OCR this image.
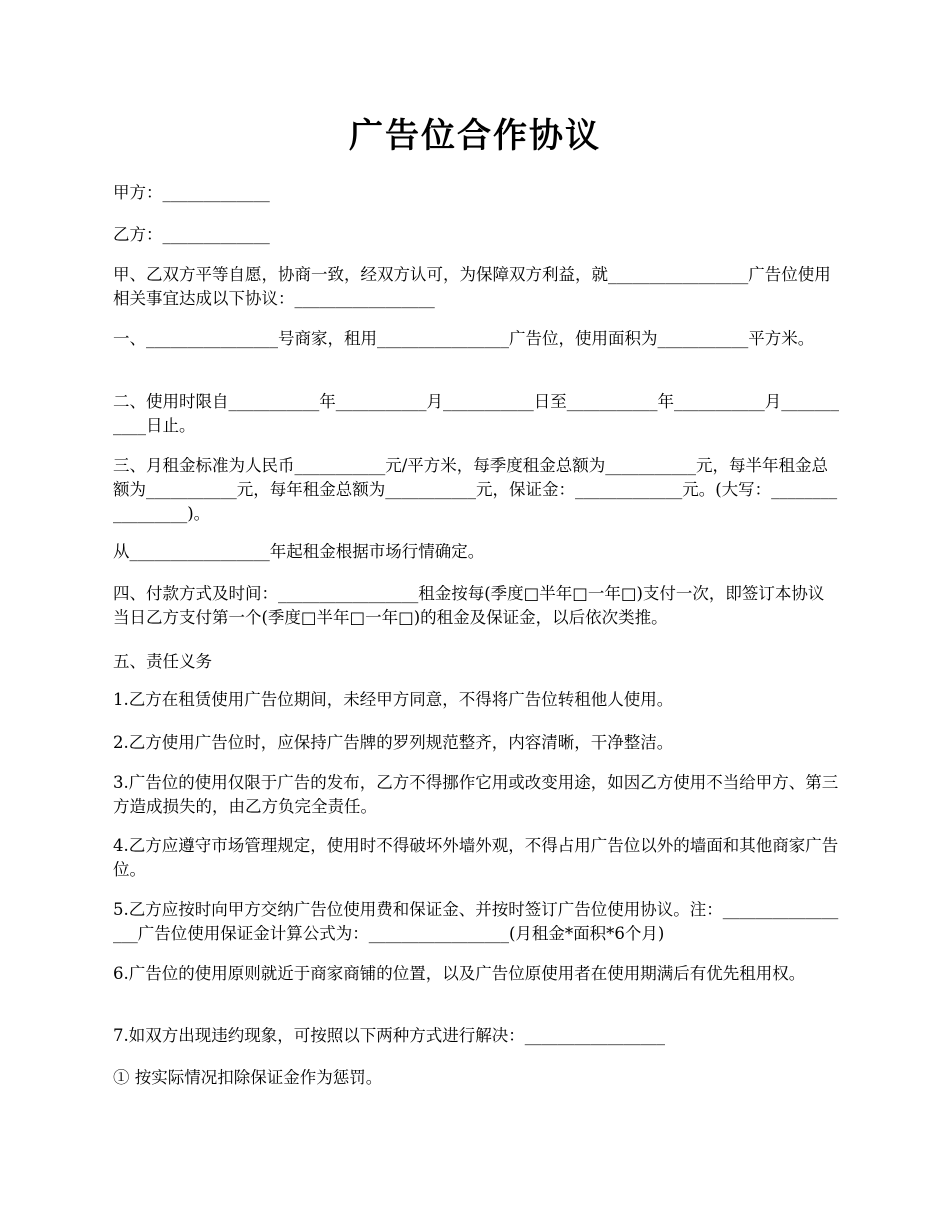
广告位合作协议

甲方：_____________

乙方：_____________

甲、乙双方平等自愿，协商一致，经双方认可，为保障双方利益，就_________________广告位使用相关事宜达成以下协议：_________________

一、________________号商家，租用________________广告位，使用面积为___________平方米。

二、使用时限自___________年___________月___________日至___________年___________月___________日止。

三、月租金标准为人民币___________元/平方米，每季度租金总额为___________元，每半年租金总额为___________元，每年租金总额为___________元，保证金：_____________元。(大写：_________________)。

从_________________年起租金根据市场行情确定。

四、付款方式及时间：_________________租金按每(季度□半年□一年□)支付一次，即签订本协议当日乙方支付第一个(季度□半年□一年□)的租金及保证金，以后依次类推。

五、责任义务

1.乙方在租赁使用广告位期间，未经甲方同意，不得将广告位转租他人使用。

2.乙方使用广告位时，应保持广告牌的罗列规范整齐，内容清晰，干净整洁。

3.广告位的使用仅限于广告的发布，乙方不得挪作它用或改变用途，如因乙方使用不当给甲方、第三方造成损失的，由乙方负完全责任。

4.乙方应遵守市场管理规定，使用时不得破坏外墙外观，不得占用广告位以外的墙面和其他商家广告位。

5.乙方应按时向甲方交纳广告位使用费和保证金、并按时签订广告位使用协议。注：_________________广告位使用保证金计算公式为：_________________(月租金*面积*6个月)

6.广告位的使用原则就近于商家商铺的位置，以及广告位原使用者在使用期满后有优先租用权。

7.如双方出现违约现象，可按照以下两种方式进行解决：_________________

① 按实际情况扣除保证金作为惩罚。
